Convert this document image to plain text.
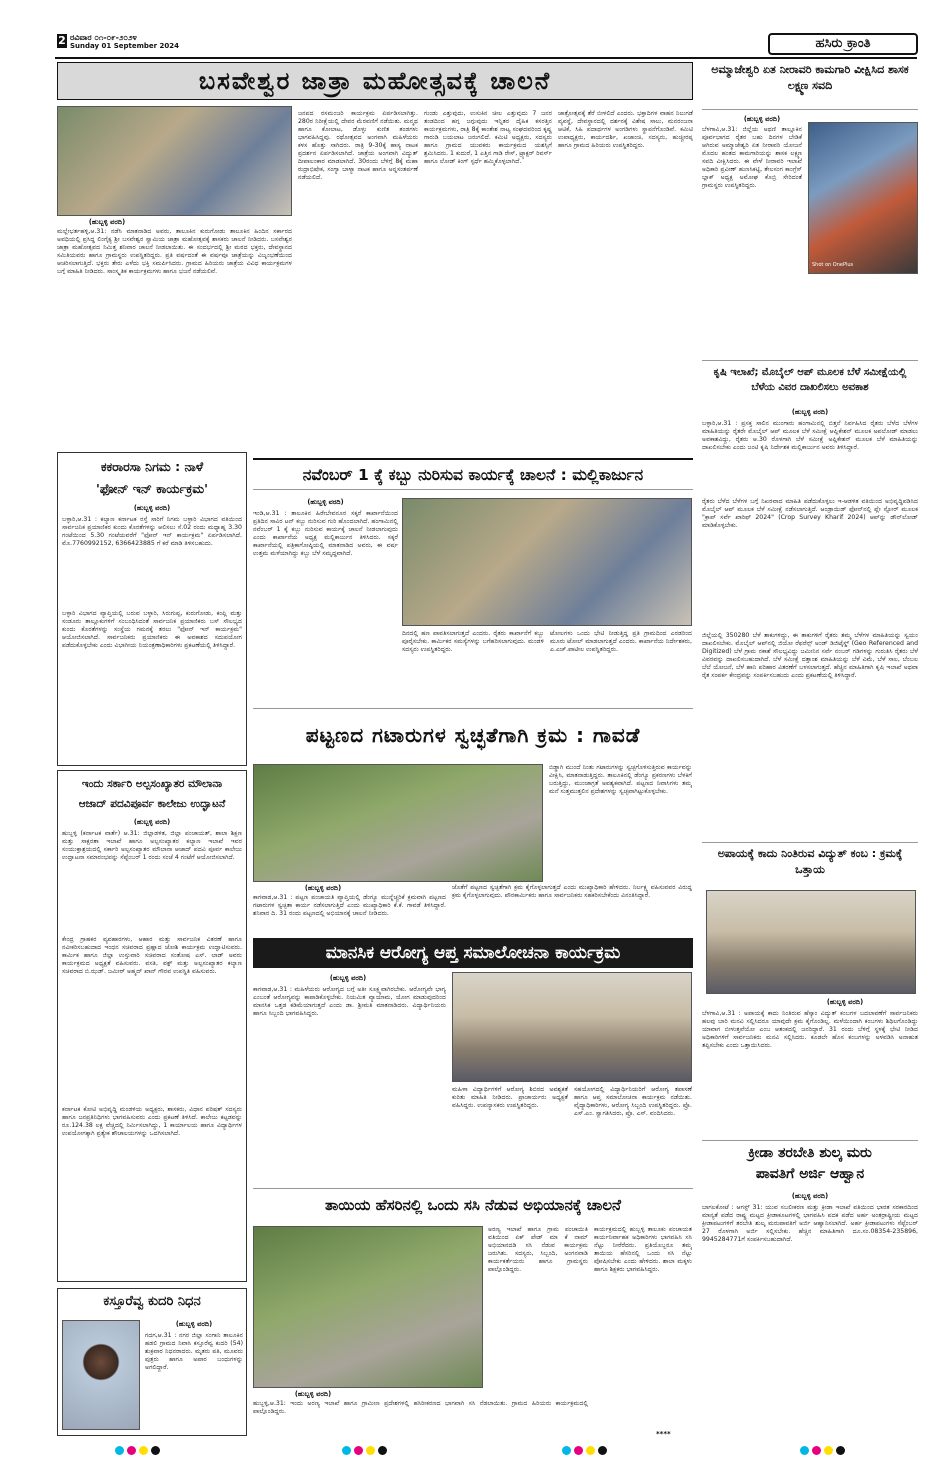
2 ರವಿವಾರ ೦೧-೦೯-೨೦೨೪
Sunday 01 September 2024	ಹಸಿರು ಕ್ರಾಂತಿ
ಬಸವೇಶ್ವರ ಜಾತ್ರಾ ಮಹೋತ್ಸವಕ್ಕೆ ಚಾಲನೆ
(ಹುಬ್ಬಳ್ಳಿ ವರದಿ)
ಮಲ್ಲೇಭರ್ತಹಳ್ಳಿ,ಆ.31: ನಡೆಸಿ ಮಾತನಾಡಿದ ಅವರು, ತಾಲೂಕಿನ ಕುರುಗೋಡು ತಾಲೂಕಿನ ಹಿಂದಿನ ಸರ್ಕಾರದ ಅವಧಿಯಲ್ಲಿ ಪ್ರಸಿದ್ಧ ಲಿಂಗೈಕ್ಯ ಶ್ರೀ ಬಸವೇಶ್ವರ ಸ್ವಾಮಿಯ ಜಾತ್ರಾ ಮಹೋತ್ಸವಕ್ಕೆ ಶಾಸಕರು ಚಾಲನೆ ನೀಡಿದರು. ಬಸವೇಶ್ವರ ಜಾತ್ರಾ ಮಹೋತ್ಸವದ ನಿಮಿತ್ತ ಶನಿವಾರ ಚಾಲನೆ ನೀಡಲಾಯಿತು. ಈ ಸಂದರ್ಭದಲ್ಲಿ ಶ್ರೀ ಮಠದ ಭಕ್ತರು, ದೇವಸ್ಥಾನದ ಸಮಿತಿಯವರು ಹಾಗೂ ಗ್ರಾಮಸ್ಥರು ಉಪಸ್ಥಿತರಿದ್ದರು. ಪ್ರತಿ ವರ್ಷದಂತೆ ಈ ವರ್ಷವೂ ಜಾತ್ರೆಯನ್ನು ವಿಜೃಂಭಣೆಯಿಂದ ಆಚರಿಸಲಾಗುತ್ತಿದೆ. ಭಕ್ತರು ತೇರು ಎಳೆದು ಭಕ್ತಿ ಸಮರ್ಪಿಸಿದರು. ಗ್ರಾಮದ ಹಿರಿಯರು ಜಾತ್ರೆಯ ವಿವಿಧ ಕಾರ್ಯಕ್ರಮಗಳ ಬಗ್ಗೆ ಮಾಹಿತಿ ನೀಡಿದರು. ಸಾಂಸ್ಕೃತಿಕ ಕಾರ್ಯಕ್ರಮಗಳು ಹಾಗೂ ಭಜನೆ ನಡೆಯಲಿವೆ.
ಜನಪದ ರಸಮಂಜರಿ ಕಾರ್ಯಕ್ರಮ ಏರ್ಪಡಿಸಲಾಗಿತ್ತು. 280ರ ನಿರೀಕ್ಷೆಯಲ್ಲಿ ದೇವರ ಮೆರವಣಿಗೆ ನಡೆಯಿತು. ಮನ್ಮಥ ಹಾಗೂ ಕೋಲಾಟ, ಡೊಳ್ಳು ಕುಣಿತ ತಂಡಗಳು ಭಾಗವಹಿಸಿದ್ದವು. ರಥೋತ್ಸವದ ಅಂಗವಾಗಿ ಮಹಿಳೆಯರು ಕಳಸ ಹೊತ್ತು ಸಾಗಿದರು. ರಾತ್ರಿ 9-30ಕ್ಕೆ ಹಾಸ್ಯ ನಾಟಕ ಪ್ರದರ್ಶನ ಏರ್ಪಡಿಸಲಾಗಿದೆ. ಜಾತ್ರೆಯ ಅಂಗವಾಗಿ ವಿದ್ಯುತ್ ದೀಪಾಲಂಕಾರ ಮಾಡಲಾಗಿದೆ. 30ರಂದು ಬೆಳಿಗ್ಗೆ 8ಕ್ಕೆ ಮಹಾ ರುದ್ರಾಭಿಷೇಕ, ಸಂಗ್ಯಾ ಬಾಳ್ಯಾ ನಾಟಕ ಹಾಗೂ ಅನ್ನಸಂತರ್ಪಣೆ ನಡೆಯಲಿದೆ.
ಗುಂಡು ಎತ್ತುವುದು, ಉಸುಕಿನ ಚೀಲ ಎತ್ತುವುದು 7 ಜನರ ತಂಡದಿಂದ ಹಗ್ಗ ಜಗ್ಗುವುದು ಇನ್ನಿತರ ದೈಹಿಕ ಕಸರತ್ತಿನ ಕಾರ್ಯಕ್ರಮಗಳು, ರಾತ್ರಿ 8ಕ್ಕೆ ಕಾಂತೇಶ ನಾಟ್ಯ ಸಂಘದವರಿಂದ ಕೃಷ್ಣ ಗಾರುಡಿ ಬಯಲಾಟ ಜರುಗಲಿದೆ. ಕಮಿಟಿ ಅಧ್ಯಕ್ಷರು, ಸದಸ್ಯರು ಹಾಗೂ ಗ್ರಾಮದ ಯುವಕರು ಕಾರ್ಯಕ್ರಮದ ಯಶಸ್ಸಿಗೆ ಶ್ರಮಿಸಿದರು. 1 ಕುದುರೆ, 1 ಎತ್ತಿನ ಗಾಡಿ ರೇಸ್, ಟ್ರ್ಯಾಕ್ಟರ್ ರಿವರ್ಸ್ ಹಾಗೂ ಲೋಡ್ ಕಿಂಗ್ ಸ್ಪರ್ಧೆ ಹಮ್ಮಿಕೊಳ್ಳಲಾಗಿದೆ.
ಜಾತ್ರೋತ್ಸವಕ್ಕೆ ತೆರೆ ಬೀಳಲಿದೆ ಎಂದರು. ಭಕ್ತಾದಿಗಳ ವಾಹನ ನಿಲುಗಡೆ ವ್ಯವಸ್ಥೆ, ದೇವಸ್ಥಾನದಲ್ಲಿ ದರ್ಶನಕ್ಕೆ ವಿಶೇಷ ಸಾಲು, ಮನರಂಜನಾ ಆಟಿಕೆ, ಸಿಹಿ ಪದಾರ್ಥಗಳ ಅಂಗಡಿಗಳು ಸ್ಥಾಪನೆಗೊಂಡಿವೆ. ಕಮಿಟಿ ಉಪಾಧ್ಯಕ್ಷರು, ಕಾರ್ಯದರ್ಶಿ, ಖಜಾಂಚಿ, ಸದಸ್ಯರು, ಹುಚ್ಚೀರಪ್ಪ ಹಾಗೂ ಗ್ರಾಮದ ಹಿರಿಯರು ಉಪಸ್ಥಿತರಿದ್ದರು.
ಅಮ್ಮಾಜೇಶ್ವರಿ ಏತ ನೀರಾವರಿ ಕಾಮಗಾರಿ ವೀಕ್ಷಿಸಿದ ಶಾಸಕ ಲಕ್ಷ್ಮಣ ಸವದಿ
(ಹುಬ್ಬಳ್ಳಿ ವರದಿ)
ಬೆಳಗಾವಿ,ಆ.31: ಜಿಲ್ಲೆಯ ಅಥಣಿ ತಾಲ್ಲೂಕಿನ ಪೂರ್ವಭಾಗದ ರೈತರ ಬಹು ದಿನಗಳ ಬೇಡಿಕೆ ಆಗಿರುವ ಅಮ್ಮಾಜೇಶ್ವರಿ ಏತ ನೀರಾವರಿ ಯೋಜನೆ ಮೊದಲ ಹಂತದ ಕಾಮಗಾರಿಯನ್ನು ಶಾಸಕ ಲಕ್ಷ್ಮಣ ಸವದಿ ವೀಕ್ಷಿಸಿದರು. ಈ ವೇಳೆ ನೀರಾವರಿ ಇಲಾಖೆ ಅಧಿಕಾರಿ ಪ್ರವೀಣ್ ಹುಣಸಿಕಟ್ಟಿ, ತೇಲಸಂಗ ಕಾಂಗ್ರೆಸ್ ಬ್ಲಾಕ್ ಅಧ್ಯಕ್ಷ ಅಮೋಘ ಕೊಬ್ರಿ ಸೇರಿದಂತೆ ಗ್ರಾಮಸ್ಥರು ಉಪಸ್ಥಿತರಿದ್ದರು.
Shot on OnePlus
ಕೃಷಿ ಇಲಾಖೆ; ಮೊಬೈಲ್ ಆಪ್ ಮೂಲಕ ಬೆಳೆ ಸಮೀಕ್ಷೆಯಲ್ಲಿ ಬೆಳೆಯ ವಿವರ ದಾಖಲಿಸಲು ಅವಕಾಶ
(ಹುಬ್ಬಳ್ಳಿ ವರದಿ)
ಬಳ್ಳಾರಿ,ಆ.31 : ಪ್ರಸಕ್ತ ಸಾಲಿನ ಮುಂಗಾರು ಹಂಗಾಮಿನಲ್ಲಿ ಬಿತ್ತನೆ ನಿರ್ವಹಿಸಿದ ರೈತರು ಬೆಳೆದ ಬೆಳೆಗಳ ಮಾಹಿತಿಯನ್ನು ರೈತರೇ ಮೊಬೈಲ್ ಆಪ್ ಮೂಲಕ ಬೆಳೆ ಸಮೀಕ್ಷೆ ಆಪ್ಲಿಕೇಶನ್ ಮೂಲಕ ಅಪಲೋಡ್ ಮಾಡಲು ಅವಕಾಶವಿದ್ದು, ರೈತರು ಆ.30 ರೊಳಗಾಗಿ ಬೆಳೆ ಸಮೀಕ್ಷೆ ಅಪ್ಲಿಕೇಶನ್ ಮೂಲಕ ಬೆಳೆ ಮಾಹಿತಿಯನ್ನು ದಾಖಲಿಸಬೇಕು ಎಂದು ಜಂಟಿ ಕೃಷಿ ನಿರ್ದೇಶಕ ಮಲ್ಲಿಕಾರ್ಜುನ ಅವರು ತಿಳಿಸಿದ್ದಾರೆ.
ರೈತರು ಬೆಳೆದ ಬೆಳೆಗಳ ಬಗ್ಗೆ ನಿಖರವಾದ ಮಾಹಿತಿ ಪಡೆದುಕೊಳ್ಳಲು ಇ-ಆಡಳಿತ ವತಿಯಿಂದ ಅಭಿವೃದ್ಧಿಪಡಿಸಿದ ಮೊಬೈಲ್ ಆಪ್ ಮೂಲಕ ಬೆಳೆ ಸಮೀಕ್ಷೆ ನಡೆಸಲಾಗುತ್ತಿದೆ. ಆಂಡ್ರಾಯಿಡ್ ಫೋನ್‌ನಲ್ಲಿ ಪ್ಲೇ ಸ್ಟೋರ್ ಮೂಲಕ "ಕ್ರಾಪ್ ಸರ್ವೆ ಖಾರಿಫ್ 2024" (Crop Survey Kharif 2024) ಆಪ್‌ನ್ನು ಡೌನ್‌ಲೋಡ್ ಮಾಡಿಕೊಳ್ಳಬೇಕು.
ಜಿಲ್ಲೆಯಲ್ಲಿ 350280 ಬೆಳೆ ತಾಕುಗಳಿದ್ದು, ಈ ತಾಕುಗಳಿಗೆ ರೈತರು ತಮ್ಮ ಬೆಳೆಗಳ ಮಾಹಿತಿಯನ್ನು ಸ್ವಯಂ ದಾಖಲಿಸಬೇಕು. ಮೊಬೈಲ್ ಆಪ್‌ನಲ್ಲಿ ಜಿಯೋ ರೆಫರೆನ್ಸ್ ಅಂಡ್ ಡಿಜಿಟೈಸ್ಡ್ (Geo Referenced and Digitized) ಬೆಳೆ ಗ್ರಾಮ ನಕಾಶೆ ಸೌಲಭ್ಯವಿದ್ದು ಜಮೀನಿನ ಸರ್ವೆ ನಂಬರ್ ಗಡಿಗಳನ್ನು ಗುರುತಿಸಿ ರೈತರು ಬೆಳೆ ವಿವರವನ್ನು ದಾಖಲಿಸಬಹುದಾಗಿದೆ. ಬೆಳೆ ಸಮೀಕ್ಷೆ ದತ್ತಾಂಶ ಮಾಹಿತಿಯನ್ನು ಬೆಳೆ ವಿಮೆ, ಬೆಳೆ ಸಾಲ, ಬೆಂಬಲ ಬೆಲೆ ಯೋಜನೆ, ಬೆಳೆ ಹಾನಿ ಪರಿಹಾರ ವಿತರಣೆಗೆ ಬಳಸಲಾಗುತ್ತದೆ. ಹೆಚ್ಚಿನ ಮಾಹಿತಿಗಾಗಿ ಕೃಷಿ ಇಲಾಖೆ ಅಥವಾ ರೈತ ಸಂಪರ್ಕ ಕೇಂದ್ರವನ್ನು ಸಂಪರ್ಕಿಸಬಹುದು ಎಂದು ಪ್ರಕಟಣೆಯಲ್ಲಿ ತಿಳಿಸಿದ್ದಾರೆ.
ಅಪಾಯಕ್ಕೆ ಕಾದು ನಿಂತಿರುವ ವಿದ್ಯುತ್ ಕಂಬ : ಕ್ರಮಕ್ಕೆ ಒತ್ತಾಯ
(ಹುಬ್ಬಳ್ಳಿ ವರದಿ)
ಬೆಳಗಾವಿ,ಆ.31 : ಅಪಾಯಕ್ಕೆ ಕಾದು ನಿಂತಿರುವ ಹೆಸ್ಕಾಂ ವಿದ್ಯುತ್ ಕಂಬಗಳ ಬದಲಾವಣೆಗೆ ಸಾರ್ವಜನಿಕರು ಹಲವು ಬಾರಿ ಮನವಿ ಸಲ್ಲಿಸಿದರೂ ಯಾವುದೇ ಕ್ರಮ ಕೈಗೊಂಡಿಲ್ಲ. ಮಳೆಯಿಂದಾಗಿ ಕಂಬಗಳು ಶಿಥಿಲಗೊಂಡಿದ್ದು ಯಾವಾಗ ಬೀಳುತ್ತವೆಯೋ ಎಂಬ ಆತಂಕದಲ್ಲಿ ಜನರಿದ್ದಾರೆ. 31 ರಂದು ಬೆಳಿಗ್ಗೆ ಸ್ಥಳಕ್ಕೆ ಭೇಟಿ ನೀಡಿದ ಅಧಿಕಾರಿಗಳಿಗೆ ಸಾರ್ವಜನಿಕರು ಮನವಿ ಸಲ್ಲಿಸಿದರು. ಕೂಡಲೇ ಹೊಸ ಕಂಬಗಳನ್ನು ಅಳವಡಿಸಿ ಅನಾಹುತ ತಪ್ಪಿಸಬೇಕು ಎಂದು ಒತ್ತಾಯಿಸಿದರು.
ಕ್ರೀಡಾ ತರಬೇತಿ ಶುಲ್ಕ ಮರು
ಪಾವತಿಗೆ ಅರ್ಜಿ ಆಹ್ವಾನ
(ಹುಬ್ಬಳ್ಳಿ ವರದಿ)
ಬಾಗಲಕೋಟೆ : ಆಗಸ್ಟ್ 31: ಯುವ ಸಬಲೀಕರಣ ಮತ್ತು ಕ್ರೀಡಾ ಇಲಾಖೆ ವತಿಯಿಂದ ಭಾರತ ಸರಕಾರದಿಂದ ಮಾನ್ಯತೆ ಪಡೆದ ರಾಷ್ಟ್ರ ಮಟ್ಟದ ಕ್ರೀಡಾಕೂಟಗಳಲ್ಲಿ ಭಾಗವಹಿಸಿ ಪದಕ ಪಡೆದ ಅರ್ಹ ಅಂತರ್ರಾಷ್ಟ್ರೀಯ ಮಟ್ಟದ ಕ್ರೀಡಾಪಟುಗಳಿಗೆ ತರಬೇತಿ ಶುಲ್ಕ ಮರುಪಾವತಿಗೆ ಅರ್ಜಿ ಆಹ್ವಾನಿಸಲಾಗಿದೆ. ಅರ್ಹ ಕ್ರೀಡಾಪಟುಗಳು ಸೆಪ್ಟೆಂಬರ್ 27 ರೊಳಗಾಗಿ ಅರ್ಜಿ ಸಲ್ಲಿಸಬೇಕು. ಹೆಚ್ಚಿನ ಮಾಹಿತಿಗಾಗಿ ದೂ.ಸಂ.08354-235896, 9945284771ಗೆ ಸಂಪರ್ಕಿಸಬಹುದಾಗಿದೆ.
ಕಕರಾರಸಾ ನಿಗಮ : ನಾಳೆ
'ಫೋನ್ ಇನ್ ಕಾರ್ಯಕ್ರಮ'
(ಹುಬ್ಬಳ್ಳಿ ವರದಿ)
ಬಳ್ಳಾರಿ,ಆ.31 : ಕಲ್ಯಾಣ ಕರ್ನಾಟಕ ರಸ್ತೆ ಸಾರಿಗೆ ನಿಗಮ ಬಳ್ಳಾರಿ ವಿಭಾಗದ ವತಿಯಿಂದ ಸಾರ್ವಜನಿಕ ಪ್ರಯಾಣಿಕರ ಕುಂದು ಕೊರತೆಗಳನ್ನು ಆಲಿಸಲು ಸೆ.02 ರಂದು ಮಧ್ಯಾಹ್ನ 3.30 ಗಂಟೆಯಿಂದ 5.30 ಗಂಟೆಯವರೆಗೆ "ಫೋನ್ ಇನ್ ಕಾರ್ಯಕ್ರಮ" ಏರ್ಪಡಿಸಲಾಗಿದೆ. ಮೊ.7760992152, 6366423885 ಗೆ ಕರೆ ಮಾಡಿ ತಿಳಿಸಬಹುದು.
ಬಳ್ಳಾರಿ ವಿಭಾಗದ ವ್ಯಾಪ್ತಿಯಲ್ಲಿ ಬರುವ ಬಳ್ಳಾರಿ, ಸಿರುಗುಪ್ಪ, ಕುರುಗೋಡು, ಕಂಪ್ಲಿ ಮತ್ತು ಸಂಡೂರು ತಾಲ್ಲೂಕುಗಳಿಗೆ ಸಂಬಂಧಿಸಿದಂತೆ ಸಾರ್ವಜನಿಕ ಪ್ರಯಾಣಿಕರು ಬಸ್ ಸೌಲಭ್ಯದ ಕುಂದು ಕೊರತೆಗಳನ್ನು ಸಂಸ್ಥೆಯ ಗಮನಕ್ಕೆ ತರಲು "ಫೋನ್ ಇನ್ ಕಾರ್ಯಕ್ರಮ" ಆಯೋಜಿಸಲಾಗಿದೆ. ಸಾರ್ವಜನಿಕರು ಪ್ರಯಾಣಿಕರು ಈ ಅವಕಾಶದ ಸದುಪಯೋಗ ಪಡೆದುಕೊಳ್ಳಬೇಕು ಎಂದು ವಿಭಾಗೀಯ ನಿಯಂತ್ರಣಾಧಿಕಾರಿಗಳು ಪ್ರಕಟಣೆಯಲ್ಲಿ ತಿಳಿಸಿದ್ದಾರೆ.
ಇಂದು ಸರ್ಕಾರಿ ಅಲ್ಪಸಂಖ್ಯಾತರ ಮೌಲಾನಾ
ಆಜಾದ್ ಪದವಿಪೂರ್ವ ಕಾಲೇಜು ಉದ್ಘಾಟನೆ
(ಹುಬ್ಬಳ್ಳಿ ವರದಿ)
ಹುಬ್ಬಳ್ಳಿ (ಕರ್ನಾಟಕ ವಾರ್ತೆ) ಆ.31: ಜಿಲ್ಲಾಡಳಿತ, ಜಿಲ್ಲಾ ಪಂಚಾಯತ್, ಶಾಲಾ ಶಿಕ್ಷಣ ಮತ್ತು ಸಾಕ್ಷರತಾ ಇಲಾಖೆ ಹಾಗೂ ಅಲ್ಪಸಂಖ್ಯಾತರ ಕಲ್ಯಾಣ ಇಲಾಖೆ ಇವರ ಸಂಯುಕ್ತಾಶ್ರಯದಲ್ಲಿ ಸರ್ಕಾರಿ ಅಲ್ಪಸಂಖ್ಯಾತರ ಮೌಲಾನಾ ಆಜಾದ್ ಪದವಿ ಪೂರ್ವ ಕಾಲೇಜು ಉದ್ಘಾಟನಾ ಸಮಾರಂಭವನ್ನು ಸೆಪ್ಟೆಂಬರ್ 1 ರಂದು ಸಂಜೆ 4 ಗಂಟೆಗೆ ಆಯೋಜಿಸಲಾಗಿದೆ.
ಕೇಂದ್ರ ಗ್ರಾಹಕರ ವ್ಯವಹಾರಗಳು, ಆಹಾರ ಮತ್ತು ಸಾರ್ವಜನಿಕ ವಿತರಣೆ ಹಾಗೂ ನವೀಕರಿಸಬಹುದಾದ ಇಂಧನ ಸಚಿವರಾದ ಪ್ರಹ್ಲಾದ ಜೋಶಿ ಕಾರ್ಯಕ್ರಮ ಉದ್ಘಾಟಿಸುವರು. ಕಾರ್ಮಿಕ ಹಾಗೂ ಜಿಲ್ಲಾ ಉಸ್ತುವಾರಿ ಸಚಿವರಾದ ಸಂತೋಷ ಎಸ್. ಲಾಡ್ ಅವರು ಕಾರ್ಯಕ್ರಮದ ಅಧ್ಯಕ್ಷತೆ ವಹಿಸುವರು. ವಸತಿ, ವಕ್ಫ್ ಮತ್ತು ಅಲ್ಪಸಂಖ್ಯಾತರ ಕಲ್ಯಾಣ ಸಚಿವರಾದ ಬಿ.ಝಡ್. ಜಮೀರ್ ಅಹ್ಮದ್ ಖಾನ್ ಗೌರವ ಉಪಸ್ಥಿತಿ ವಹಿಸುವರು.
ಕರ್ನಾಟಕ ಕೋಟಿ ಅಭಿವೃದ್ಧಿ ಮಂಡಳಿಯ ಅಧ್ಯಕ್ಷರು, ಶಾಸಕರು, ವಿಧಾನ ಪರಿಷತ್ ಸದಸ್ಯರು ಹಾಗೂ ಜನಪ್ರತಿನಿಧಿಗಳು ಭಾಗವಹಿಸುವರು ಎಂದು ಪ್ರಕಟಣೆ ತಿಳಿಸಿದೆ. ಕಾಲೇಜು ಕಟ್ಟಡವನ್ನು ರೂ.124.38 ಲಕ್ಷ ವೆಚ್ಚದಲ್ಲಿ ನಿರ್ಮಿಸಲಾಗಿದ್ದು, 1 ಕಾರ್ಯಾಲಯ ಹಾಗೂ ವಿದ್ಯಾರ್ಥಿಗಳ ಉಪಯೋಗಕ್ಕಾಗಿ ಪ್ರತ್ಯೇಕ ಶೌಚಾಲಯಗಳನ್ನು ಒದಗಿಸಲಾಗಿದೆ.
ಕಸ್ತೂರೆವ್ವ ಕುದರಿ ನಿಧನ
(ಹುಬ್ಬಳ್ಳಿ ವರದಿ)
ಗದಗ,ಆ.31 : ನಗರ ಜಿಲ್ಲಾ ಸಂಗಾನಿ ತಾಲೂಕಿನ ಹಡಲಿ ಗ್ರಾಮದ ನಿವಾಸಿ ಕಸ್ತೂರೆವ್ವ ಕುದರಿ (54) ಶುಕ್ರವಾರ ನಿಧನರಾದರು. ಮೃತರು ಪತಿ, ಮೂವರು ಪುತ್ರರು ಹಾಗೂ ಅಪಾರ ಬಂಧುಗಳನ್ನು ಅಗಲಿದ್ದಾರೆ.
ನವೆಂಬರ್ 1 ಕ್ಕೆ ಕಬ್ಬು ನುರಿಸುವ ಕಾರ್ಯಕ್ಕೆ ಚಾಲನೆ : ಮಲ್ಲಿಕಾರ್ಜುನ
(ಹುಬ್ಬಳ್ಳಿ ವರದಿ)
ಇಂಡಿ,ಆ.31 : ತಾಲೂಕಿನ ಹಿರೇಬೇವನೂರ ಸಕ್ಕರೆ ಕಾರ್ಖಾನೆಯಿಂದ ಪ್ರತಿದಿನ ಸಾವಿರ ಟನ್ ಕಬ್ಬು ನುರಿಸುವ ಗುರಿ ಹೊಂದಲಾಗಿದೆ. ಹಂಗಾಮಿನಲ್ಲಿ ನವೆಂಬರ್ 1 ಕ್ಕೆ ಕಬ್ಬು ನುರಿಸುವ ಕಾರ್ಯಕ್ಕೆ ಚಾಲನೆ ನೀಡಲಾಗುವುದು ಎಂದು ಕಾರ್ಖಾನೆಯ ಅಧ್ಯಕ್ಷ ಮಲ್ಲಿಕಾರ್ಜುನ ತಿಳಿಸಿದರು. ಸಕ್ಕರೆ ಕಾರ್ಖಾನೆಯಲ್ಲಿ ಪತ್ರಿಕಾಗೋಷ್ಠಿಯಲ್ಲಿ ಮಾತನಾಡಿದ ಅವರು, ಈ ವರ್ಷ ಉತ್ತಮ ಮಳೆಯಾಗಿದ್ದು ಕಬ್ಬು ಬೆಳೆ ಸಮೃದ್ಧವಾಗಿದೆ.
ದಿನದಲ್ಲಿ ಹಣ ಪಾವತಿಸಲಾಗುತ್ತದೆ ಎಂದರು. ರೈತರು ಕಾರ್ಖಾನೆಗೆ ಕಬ್ಬು ಪೂರೈಸಬೇಕು. ಕಾರ್ಮಿಕರ ಸಮಸ್ಯೆಗಳನ್ನು ಬಗೆಹರಿಸಲಾಗುವುದು. ಮಂಡಳಿ ಸದಸ್ಯರು ಉಪಸ್ಥಿತರಿದ್ದರು.
ಟೋಲಗಳು ಒಂದು ಭೇಟಿ ನೀಡುತ್ತಿದ್ದ ಪ್ರತಿ ಗ್ರಾಮದಿಂದ ಎರಡರಿಂದ ಮೂರು ಟೋಲ್ ಮಾಡಲಾಗುತ್ತದೆ ಎಂದರು. ಕಾರ್ಖಾನೆಯ ನಿರ್ದೇಶಕರು, ಎ.ಎಚ್.ಪಾಟೀಲ ಉಪಸ್ಥಿತರಿದ್ದರು.
ಪಟ್ಟಣದ ಗಟಾರುಗಳ ಸ್ವಚ್ಛತೆಗಾಗಿ ಕ್ರಮ : ಗಾವಡೆ
ಬಿಡ್ಡಾಗಿ ಮುಂದೆ ನಿಂತು ಗಟಾರುಗಳನ್ನು ಸ್ವಚ್ಛಗೊಳಿಸುತ್ತಿರುವ ಕಾರ್ಯವನ್ನು ವೀಕ್ಷಿಸಿ, ಮಾತನಾಡುತ್ತಿದ್ದರು. ತಾಲೂಕಿನಲ್ಲಿ ಡೆಂಗ್ಯೂ ಪ್ರಕರಣಗಳು ಬೆಳಕಿಗೆ ಬರುತ್ತಿದ್ದು, ಮುಂಜಾಗ್ರತೆ ಅವಶ್ಯಕವಾಗಿದೆ. ಪಟ್ಟಣದ ನಿವಾಸಿಗಳು ತಮ್ಮ ಮನೆ ಸುತ್ತಮುತ್ತಲಿನ ಪ್ರದೇಶಗಳನ್ನು ಸ್ವಚ್ಛವಾಗಿಟ್ಟುಕೊಳ್ಳಬೇಕು.
(ಹುಬ್ಬಳ್ಳಿ ವರದಿ)
ಕಾಗವಾಡ,ಆ.31 : ಪಟ್ಟಣ ಪಂಚಾಯತಿ ವ್ಯಾಪ್ತಿಯಲ್ಲಿ ಡೆಂಗ್ಯೂ ಮುನ್ನೆಚ್ಚರಿಕೆ ಕ್ರಮವಾಗಿ ಪಟ್ಟಣದ ಗಟಾರುಗಳ ಸ್ವಚ್ಛತಾ ಕಾರ್ಯ ನಡೆಸಲಾಗುತ್ತಿದೆ ಎಂದು ಮುಖ್ಯಾಧಿಕಾರಿ ಕೆ.ಕೆ. ಗಾವಡೆ ತಿಳಿಸಿದ್ದಾರೆ. ಶನಿವಾರ ದಿ. 31 ರಂದು ಪಟ್ಟಣದಲ್ಲಿ ಅಭಿಯಾನಕ್ಕೆ ಚಾಲನೆ ನೀಡಿದರು.
ಜೊತೆಗೆ ಪಟ್ಟಣದ ಸ್ವಚ್ಛತೆಗಾಗಿ ಕ್ರಮ ಕೈಗೊಳ್ಳಲಾಗುತ್ತದೆ ಎಂದು ಮುಖ್ಯಾಧಿಕಾರಿ ಹೇಳಿದರು. ನಿರ್ಲಕ್ಷ್ಯ ವಹಿಸುವವರ ವಿರುದ್ಧ ಕ್ರಮ ಕೈಗೊಳ್ಳಲಾಗುವುದು. ಪೌರಕಾರ್ಮಿಕರು ಹಾಗೂ ಸಾರ್ವಜನಿಕರು ಸಹಕರಿಸಬೇಕೆಂದು ವಿನಂತಿಸಿದ್ದಾರೆ.
ಮಾನಸಿಕ ಆರೋಗ್ಯ ಆಪ್ತ ಸಮಾಲೋಚನಾ ಕಾರ್ಯಕ್ರಮ
(ಹುಬ್ಬಳ್ಳಿ ವರದಿ)
ಕಾಗವಾಡ,ಆ.31 : ಮಹಿಳೆಯರು ಆರೋಗ್ಯದ ಬಗ್ಗೆ ಅತೀ ಸೂಕ್ಷ್ಮವಾಗಿರಬೇಕು. ಆರೋಗ್ಯವೇ ಭಾಗ್ಯ ಎಂಬಂತೆ ಆರೋಗ್ಯವನ್ನು ಕಾಪಾಡಿಕೊಳ್ಳಬೇಕು. ನಿಯಮಿತ ವ್ಯಾಯಾಮ, ಯೋಗ ಮಾಡುವುದರಿಂದ ಮಾನಸಿಕ ಒತ್ತಡ ಕಡಿಮೆಯಾಗುತ್ತದೆ ಎಂದು ಡಾ. ಶ್ರೀಮತಿ ಮಾತನಾಡಿದರು. ವಿದ್ಯಾರ್ಥಿನಿಯರು ಹಾಗೂ ಸಿಬ್ಬಂದಿ ಭಾಗವಹಿಸಿದ್ದರು.
ಮಹಿಳಾ ವಿದ್ಯಾರ್ಥಿಗಳಿಗೆ ಆರೋಗ್ಯ ಶಿಬಿರದ ಅವಶ್ಯಕತೆ ಕುರಿತು ಮಾಹಿತಿ ನೀಡಿದರು. ಪ್ರಾಚಾರ್ಯರು ಅಧ್ಯಕ್ಷತೆ ವಹಿಸಿದ್ದರು. ಉಪನ್ಯಾಸಕರು ಉಪಸ್ಥಿತರಿದ್ದರು.
ಸಹಯೋಗದಲ್ಲಿ ವಿದ್ಯಾರ್ಥಿನಿಯರಿಗೆ ಆರೋಗ್ಯ ತಪಾಸಣೆ ಹಾಗೂ ಆಪ್ತ ಸಮಾಲೋಚನಾ ಕಾರ್ಯಕ್ರಮ ನಡೆಯಿತು. ವೈದ್ಯಾಧಿಕಾರಿಗಳು, ಆರೋಗ್ಯ ಸಿಬ್ಬಂದಿ ಉಪಸ್ಥಿತರಿದ್ದರು. ಪ್ರೊ. ಎಸ್.ಎಂ. ಸ್ವಾಗತಿಸಿದರು, ಪ್ರೊ. ಎಸ್. ವಂದಿಸಿದರು.
ತಾಯಿಯ ಹೆಸರಿನಲ್ಲಿ ಒಂದು ಸಸಿ ನೆಡುವ ಅಭಿಯಾನಕ್ಕೆ ಚಾಲನೆ
(ಹುಬ್ಬಳ್ಳಿ ವರದಿ)
ಅರಣ್ಯ ಇಲಾಖೆ ಹಾಗೂ ಗ್ರಾಮ ಪಂಚಾಯಿತಿ ವತಿಯಿಂದ ಏಕ್ ಪೇಡ್ ಮಾ ಕೆ ನಾಮ್ ಅಭಿಯಾನದಡಿ ಸಸಿ ನೆಡುವ ಕಾರ್ಯಕ್ರಮ ಜರುಗಿತು. ಸದಸ್ಯರು, ಸಿಬ್ಬಂದಿ, ಅಂಗನವಾಡಿ ಕಾರ್ಯಕರ್ತೆಯರು ಹಾಗೂ ಗ್ರಾಮಸ್ಥರು ಪಾಲ್ಗೊಂಡಿದ್ದರು.
ಕಾರ್ಯಕ್ರಮದಲ್ಲಿ ಹುಬ್ಬಳ್ಳಿ ತಾಲೂಕು ಪಂಚಾಯತ ಕಾರ್ಯನಿರ್ವಾಹಕ ಅಧಿಕಾರಿಗಳು ಭಾಗವಹಿಸಿ ಸಸಿ ನೆಟ್ಟು ನೀರೆರೆದರು. ಪ್ರತಿಯೊಬ್ಬರೂ ತಮ್ಮ ತಾಯಿಯ ಹೆಸರಿನಲ್ಲಿ ಒಂದು ಸಸಿ ನೆಟ್ಟು ಪೋಷಿಸಬೇಕು ಎಂದು ಹೇಳಿದರು. ಶಾಲಾ ಮಕ್ಕಳು ಹಾಗೂ ಶಿಕ್ಷಕರು ಭಾಗವಹಿಸಿದ್ದರು.
ಹುಬ್ಬಳ್ಳಿ,ಆ.31: ಇಂದು ಅರಣ್ಯ ಇಲಾಖೆ ಹಾಗೂ ಗ್ರಾಮೀಣ ಪ್ರದೇಶಗಳಲ್ಲಿ ಹಸಿರೀಕರಣದ ಭಾಗವಾಗಿ ಸಸಿ ನೆಡಲಾಯಿತು. ಗ್ರಾಮದ ಹಿರಿಯರು ಕಾರ್ಯಕ್ರಮದಲ್ಲಿ ಪಾಲ್ಗೊಂಡಿದ್ದರು.
****
